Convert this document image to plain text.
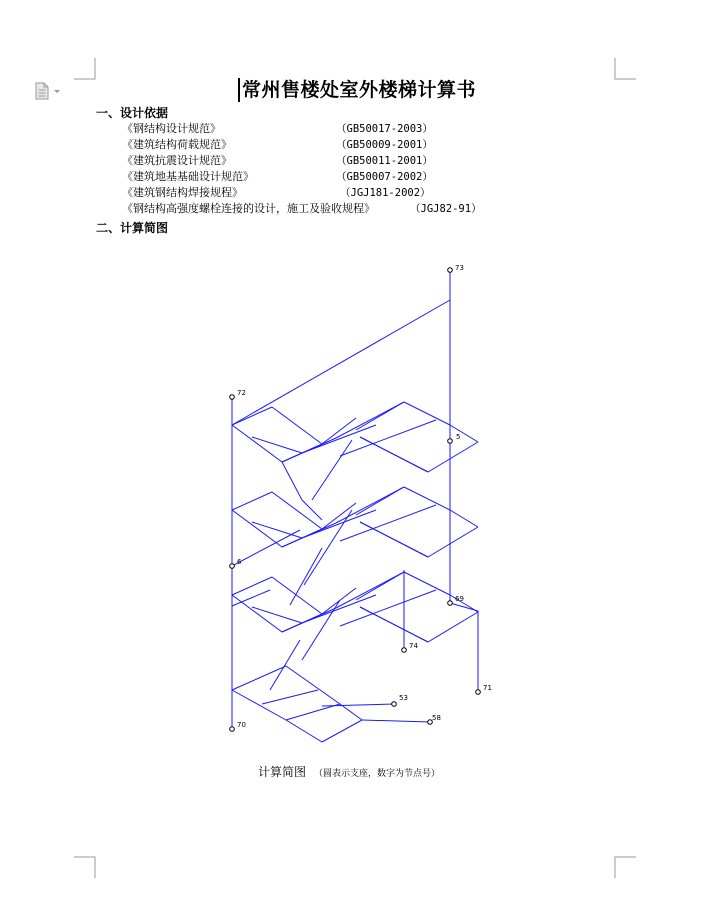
常州售楼处室外楼梯计算书
一、设计依据
《钢结构设计规范》	（GB50017-2003）
《建筑结构荷载规范》	（GB50009-2001）
《建筑抗震设计规范》	（GB50011-2001）
《建筑地基基础设计规范》	（GB50007-2002）
《建筑钢结构焊接规程》	（JGJ181-2002）
《钢结构高强度螺栓连接的设计，施工及验收规程》	（JGJ82-91）
二、计算简图
73
72
5
6
69
74
71
53
58
70
计算简图 （圆表示支座，数字为节点号）
